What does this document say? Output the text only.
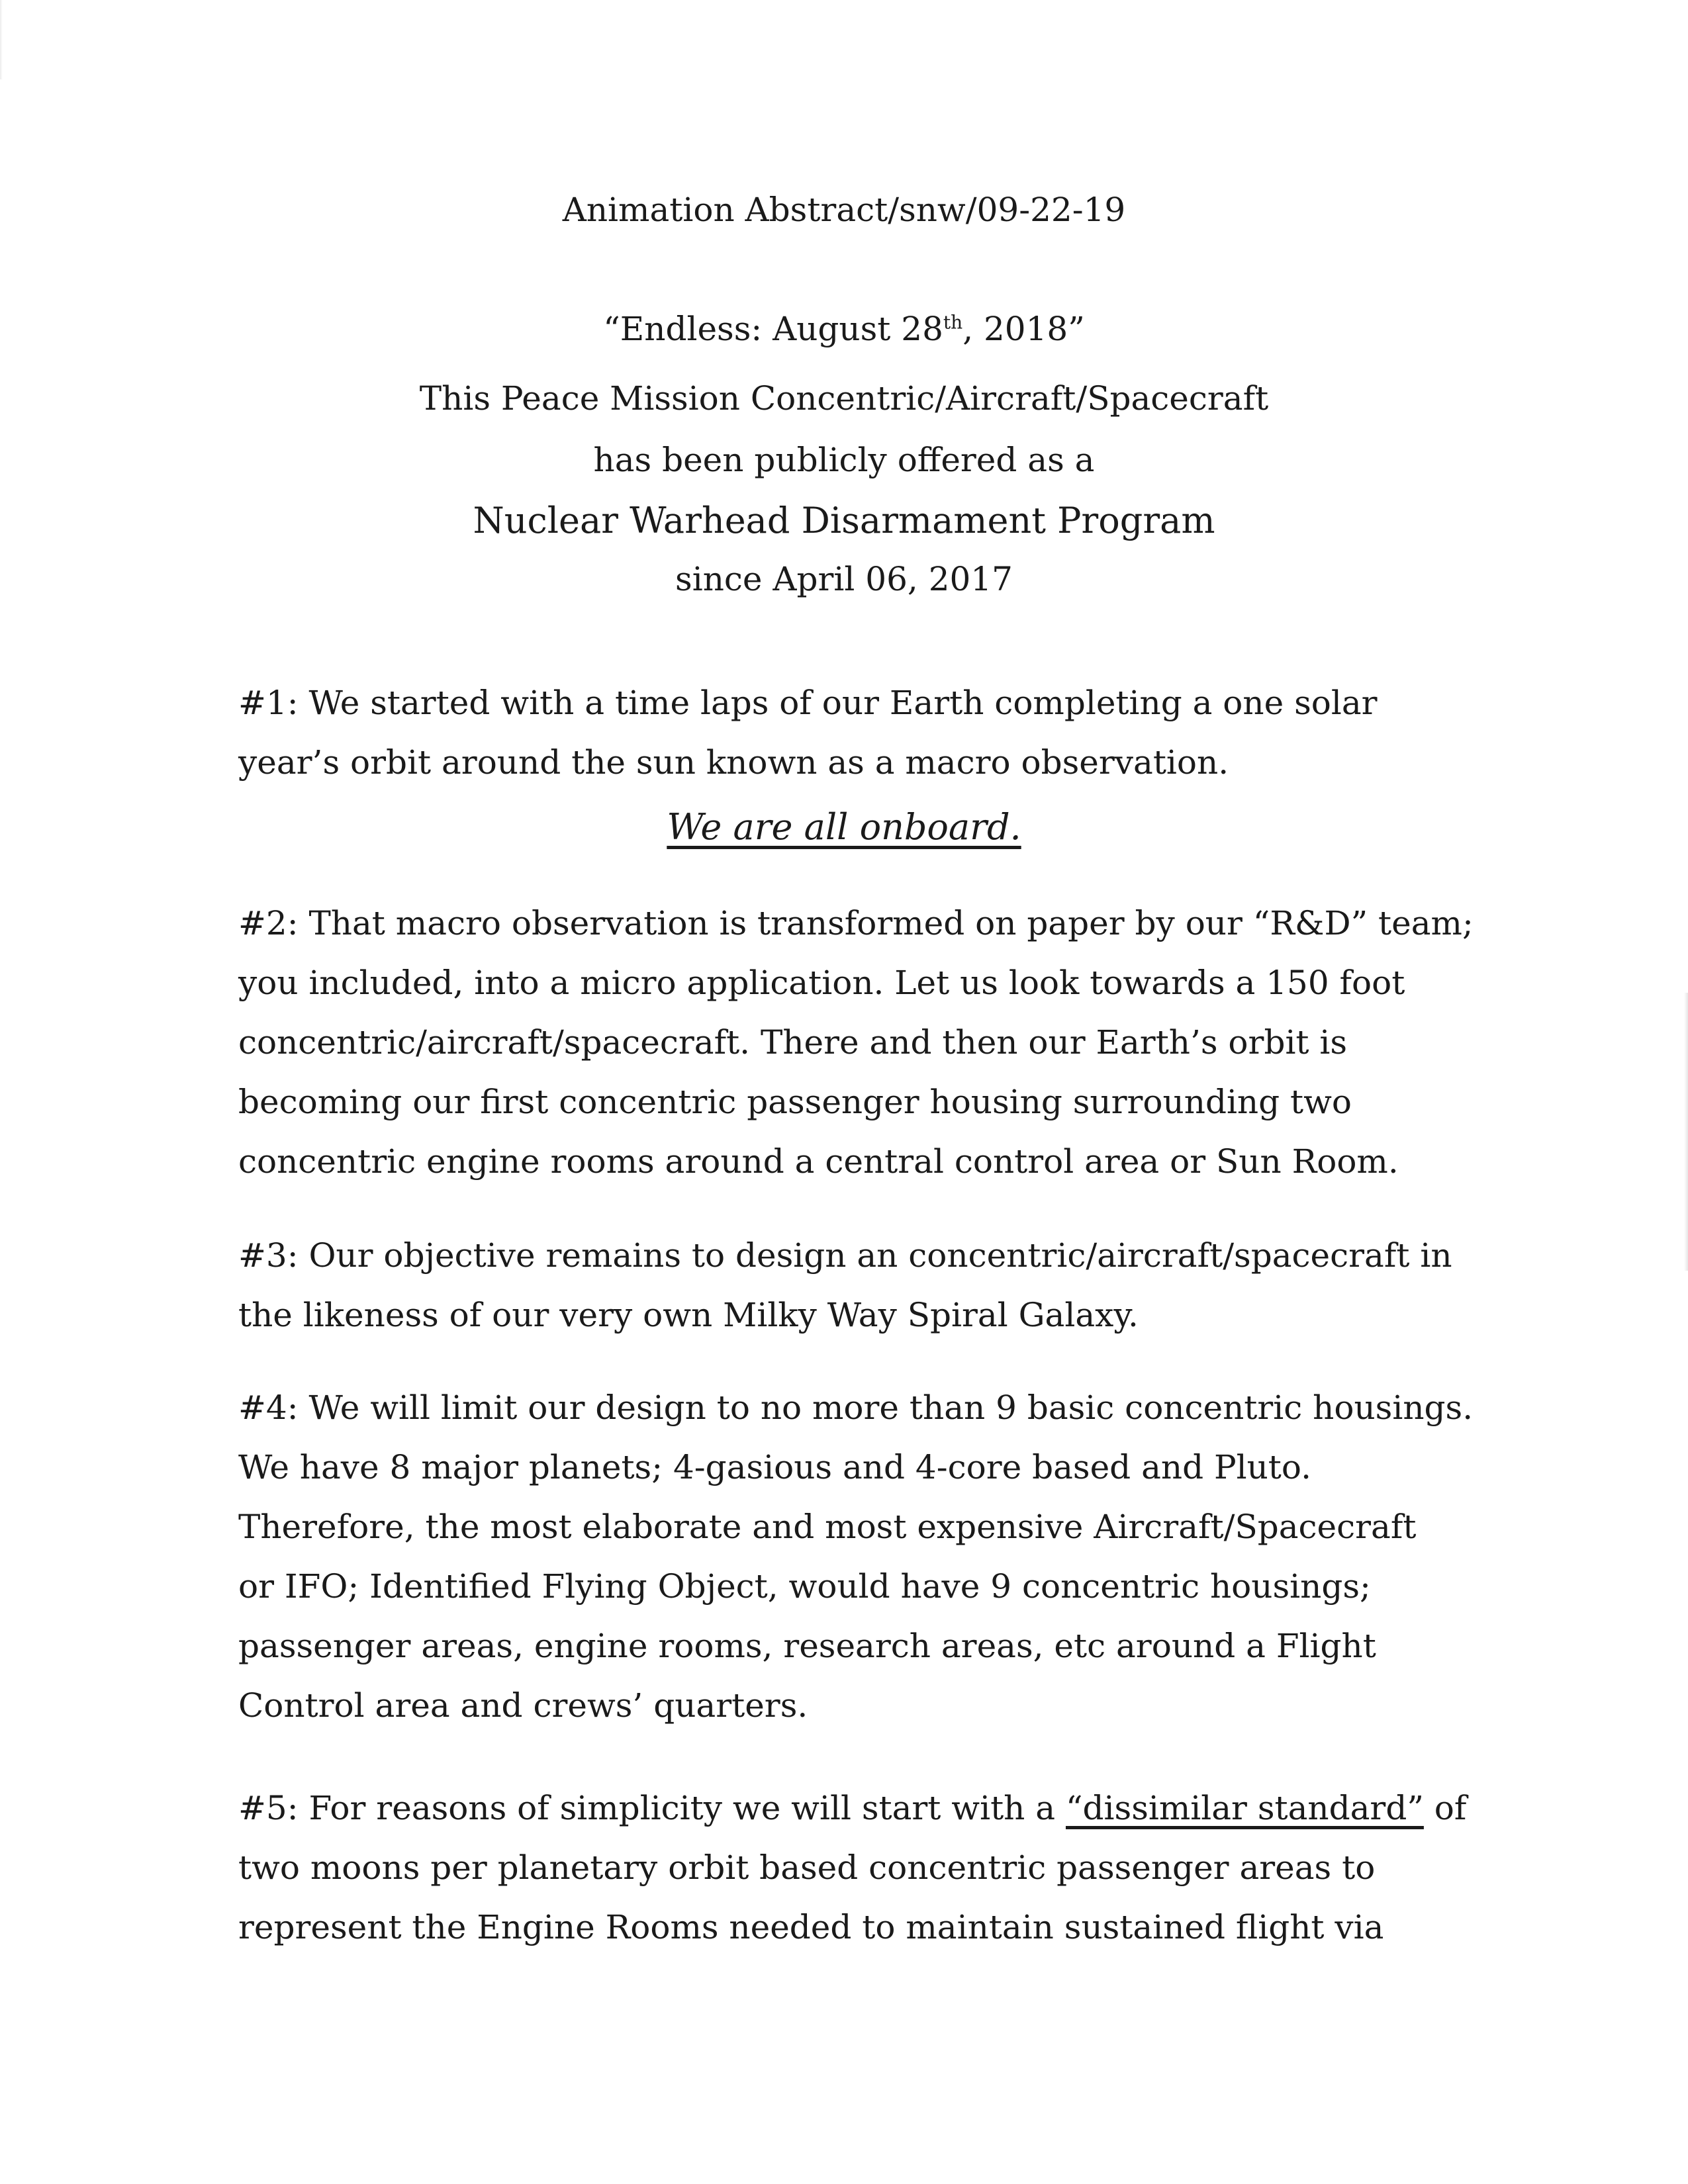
Animation Abstract/snw/09-22-19
“Endless: August 28th, 2018”
This Peace Mission Concentric/Aircraft/Spacecraft
has been publicly offered as a
Nuclear Warhead Disarmament Program
since April 06, 2017
#1: We started with a time laps of our Earth completing a one solar
year’s orbit around the sun known as a macro observation.
We are all onboard.
#2: That macro observation is transformed on paper by our “R&D” team;
you included, into a micro application. Let us look towards a 150 foot
concentric/aircraft/spacecraft. There and then our Earth’s orbit is
becoming our first concentric passenger housing surrounding two
concentric engine rooms around a central control area or Sun Room.
#3: Our objective remains to design an concentric/aircraft/spacecraft in
the likeness of our very own Milky Way Spiral Galaxy.
#4: We will limit our design to no more than 9 basic concentric housings.
We have 8 major planets; 4-gasious and 4-core based and Pluto.
Therefore, the most elaborate and most expensive Aircraft/Spacecraft
or IFO; Identified Flying Object, would have 9 concentric housings;
passenger areas, engine rooms, research areas, etc around a Flight
Control area and crews’ quarters.
#5: For reasons of simplicity we will start with a “dissimilar standard” of
two moons per planetary orbit based concentric passenger areas to
represent the Engine Rooms needed to maintain sustained flight via
